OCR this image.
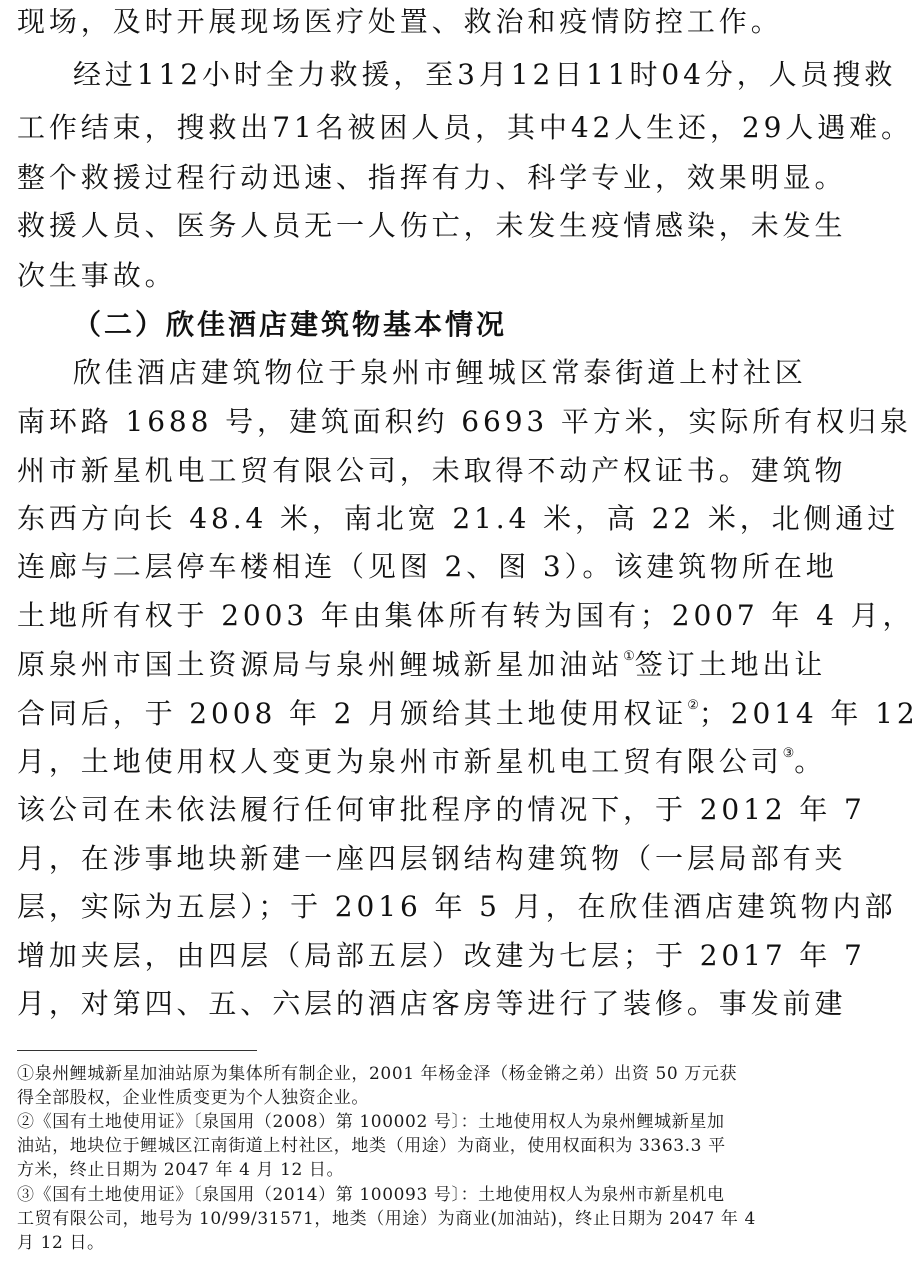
现场，及时开展现场医疗处置、救治和疫情防控工作。
经过112小时全力救援，至3月12日11时04分，人员搜救
工作结束，搜救出71名被困人员，其中42人生还，29人遇难。
整个救援过程行动迅速、指挥有力、科学专业，效果明显。
救援人员、医务人员无一人伤亡，未发生疫情感染，未发生
次生事故。
（二）欣佳酒店建筑物基本情况
欣佳酒店建筑物位于泉州市鲤城区常泰街道上村社区
南环路 1688 号，建筑面积约 6693 平方米，实际所有权归泉
州市新星机电工贸有限公司，未取得不动产权证书。建筑物
东西方向长 48.4 米，南北宽 21.4 米，高 22 米，北侧通过
连廊与二层停车楼相连（见图 2、图 3）。该建筑物所在地
土地所有权于 2003 年由集体所有转为国有；2007 年 4 月，
原泉州市国土资源局与泉州鲤城新星加油站①签订土地出让
合同后，于 2008 年 2 月颁给其土地使用权证②；2014 年 12
月，土地使用权人变更为泉州市新星机电工贸有限公司③。
该公司在未依法履行任何审批程序的情况下，于 2012 年 7
月，在涉事地块新建一座四层钢结构建筑物（一层局部有夹
层，实际为五层）；于 2016 年 5 月，在欣佳酒店建筑物内部
增加夹层，由四层（局部五层）改建为七层；于 2017 年 7
月，对第四、五、六层的酒店客房等进行了装修。事发前建
①泉州鲤城新星加油站原为集体所有制企业，2001 年杨金泽（杨金锵之弟）出资 50 万元获
得全部股权，企业性质变更为个人独资企业。
②《国有土地使用证》〔泉国用（2008）第 100002 号〕：土地使用权人为泉州鲤城新星加
油站，地块位于鲤城区江南街道上村社区，地类（用途）为商业，使用权面积为 3363.3 平
方米，终止日期为 2047 年 4 月 12 日。
③《国有土地使用证》〔泉国用（2014）第 100093 号〕：土地使用权人为泉州市新星机电
工贸有限公司，地号为 10/99/31571，地类（用途）为商业(加油站)，终止日期为 2047 年 4
月 12 日。
